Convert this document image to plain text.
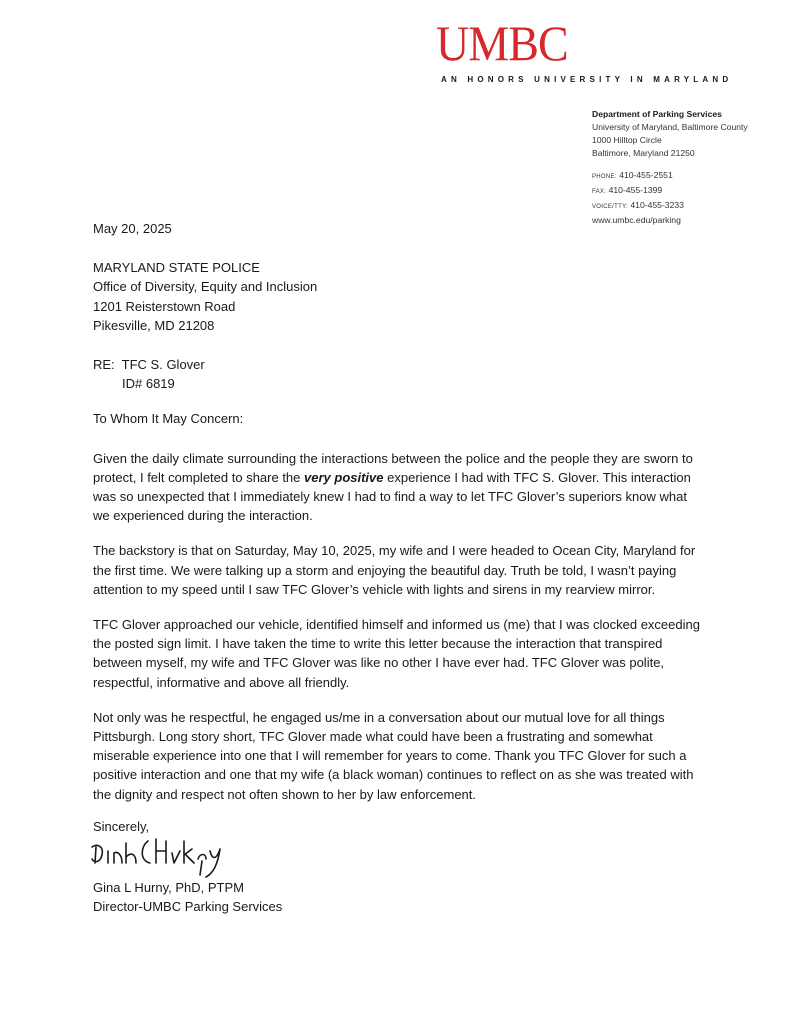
UMBC
AN HONORS UNIVERSITY IN MARYLAND
Department of Parking Services
University of Maryland, Baltimore County
1000 Hilltop Circle
Baltimore, Maryland 21250
PHONE: 410-455-2551
FAX: 410-455-1399
VOICE/TTY: 410-455-3233
www.umbc.edu/parking

May 20, 2025

MARYLAND STATE POLICE

Office of Diversity, Equity and Inclusion

1201 Reisterstown Road

Pikesville, MD 21208

RE: TFC S. Glover

ID# 6819

To Whom It May Concern:

Given the daily climate surrounding the interactions between the police and the people they are sworn to protect, I felt completed to share the very positive experience I had with TFC S. Glover. This interaction was so unexpected that I immediately knew I had to find a way to let TFC Glover’s superiors know what we experienced during the interaction.

The backstory is that on Saturday, May 10, 2025, my wife and I were headed to Ocean City, Maryland for the first time. We were talking up a storm and enjoying the beautiful day. Truth be told, I wasn’t paying attention to my speed until I saw TFC Glover’s vehicle with lights and sirens in my rearview mirror.

TFC Glover approached our vehicle, identified himself and informed us (me) that I was clocked exceeding the posted sign limit. I have taken the time to write this letter because the interaction that transpired between myself, my wife and TFC Glover was like no other I have ever had. TFC Glover was polite, respectful, informative and above all friendly.

Not only was he respectful, he engaged us/me in a conversation about our mutual love for all things Pittsburgh. Long story short, TFC Glover made what could have been a frustrating and somewhat miserable experience into one that I will remember for years to come. Thank you TFC Glover for such a positive interaction and one that my wife (a black woman) continues to reflect on as she was treated with the dignity and respect not often shown to her by law enforcement.

Sincerely,
Gina L Hurny, PhD, PTPM
Director-UMBC Parking Services
